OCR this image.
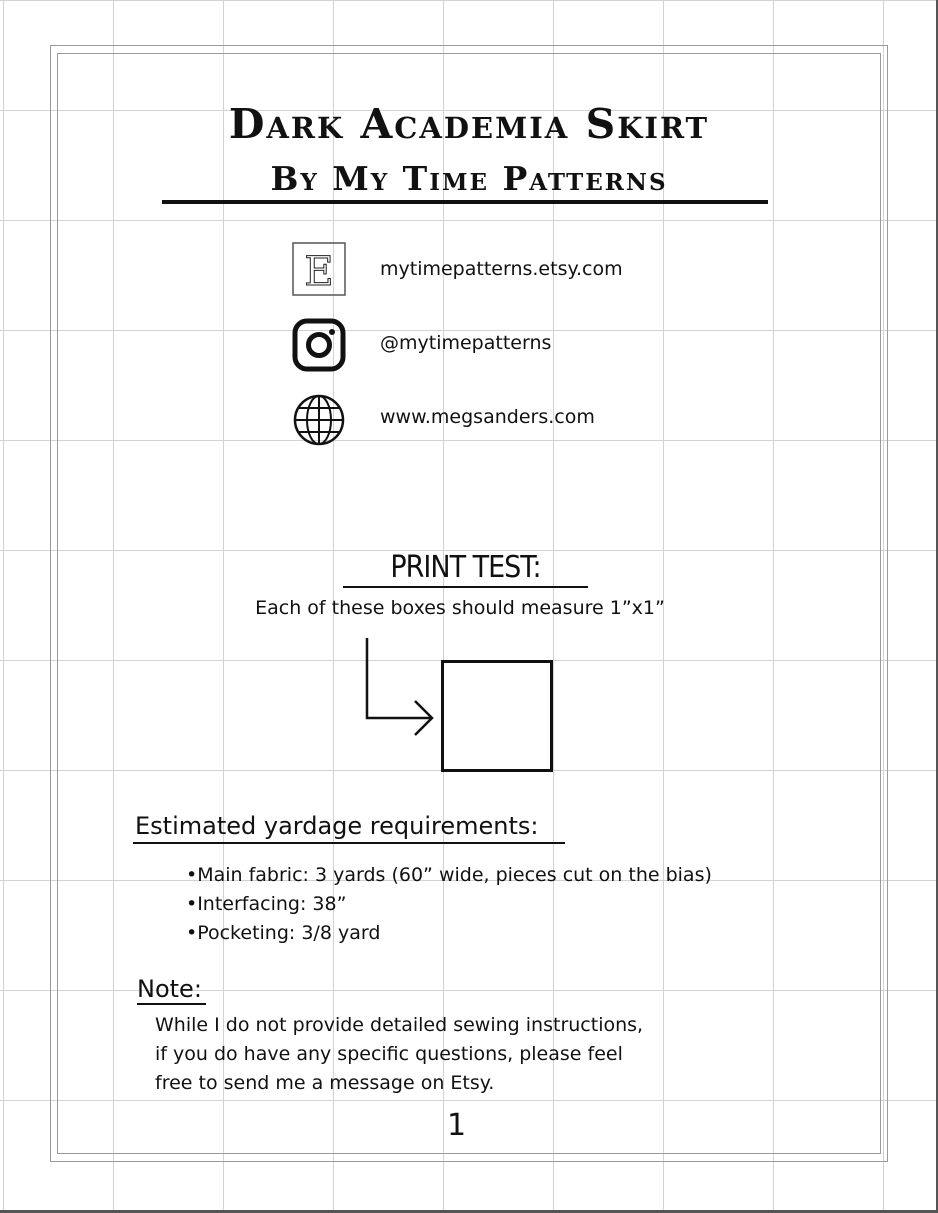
Dark Academia Skirt
By My Time Patterns
E mytimepatterns.etsy.com
@mytimepatterns
www.megsanders.com
PRINT TEST:
Each of these boxes should measure 1”x1”
Estimated yardage requirements:
•Main fabric: 3 yards (60” wide, pieces cut on the bias)
•Interfacing: 38”
•Pocketing: 3/8 yard
Note:
While I do not provide detailed sewing instructions,
if you do have any specific questions, please feel
free to send me a message on Etsy.
1
